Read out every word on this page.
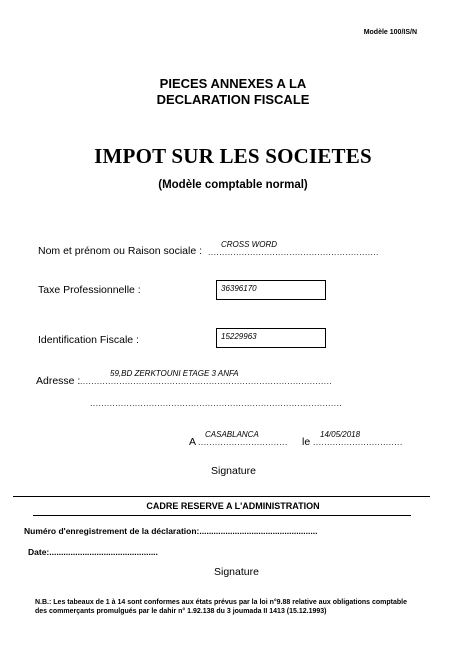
Modèle 100/IS/N
PIECES ANNEXES A LA
DECLARATION FISCALE
IMPOT SUR LES SOCIETES
(Modèle comptable normal)
Nom et prénom ou Raison sociale : .............................................................
CROSS WORD
Taxe Professionnelle :	36396170
Identification Fiscale :	15229963
Adresse : ..........................................................................................
59,BD ZERKTOUNI ETAGE 3 ANFA
..........................................................................................
A ................................
CASABLANCA
le ................................
14/05/2018
Signature
CADRE RESERVE A L'ADMINISTRATION
Numéro d'enregistrement de la déclaration:..................................................
Date:..............................................
Signature
N.B.: Les tabeaux de 1 à 14 sont conformes aux états prévus par la loi n°9.88 relative aux obligations comptable des commerçants promulgués par le dahir n° 1.92.138 du 3 joumada II 1413 (15.12.1993)
